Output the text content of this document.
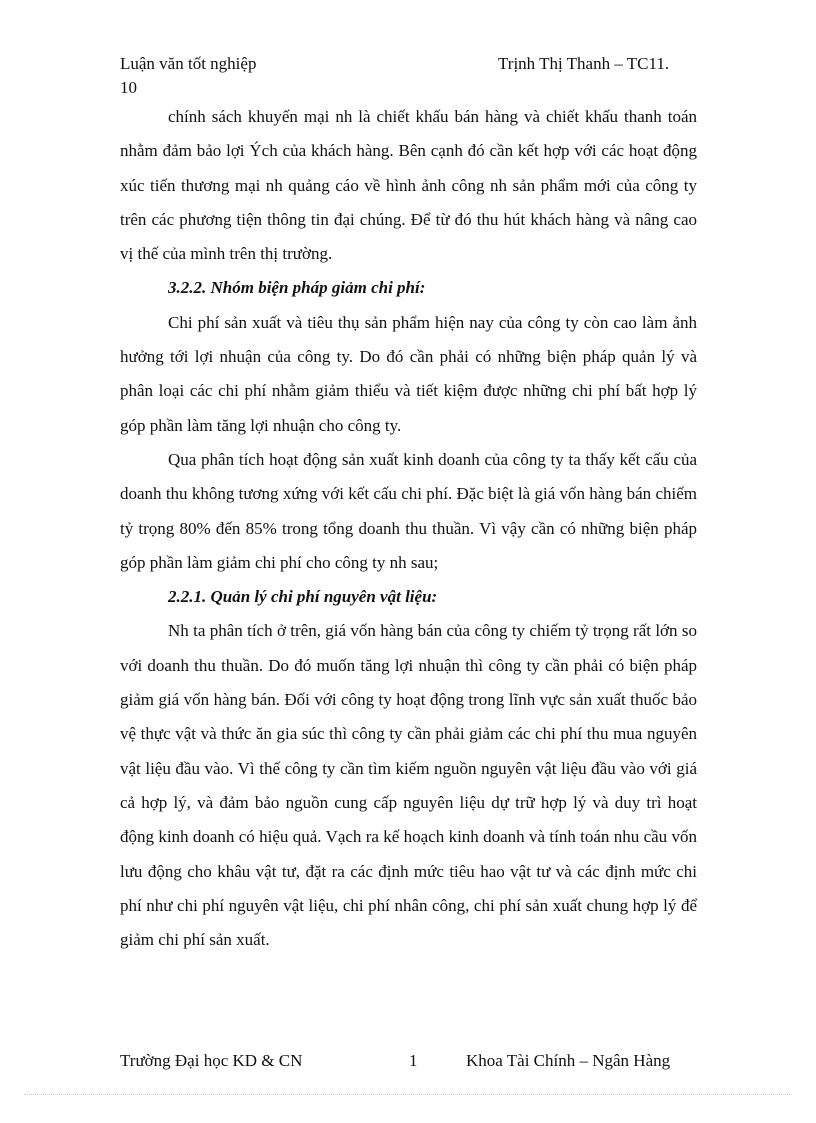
Luận văn tốt nghiệp	Trịnh Thị Thanh – TC11.
10

chính sách khuyến mại nh là chiết khấu bán hàng và chiết khấu thanh toán nhằm đảm bảo lợi Ých của khách hàng. Bên cạnh đó cần kết hợp với các hoạt động xúc tiến thương mại nh quảng cáo về hình ảnh công nh sản phẩm mới của công ty trên các phương tiện thông tin đại chúng. Để từ đó thu hút khách hàng và nâng cao vị thế của mình trên thị trường.

3.2.2. Nhóm biện pháp giảm chi phí:

Chi phí sản xuất và tiêu thụ sản phẩm hiện nay của công ty còn cao làm ảnh hưởng tới lợi nhuận của công ty. Do đó cần phải có những biện pháp quản lý và phân loại các chi phí nhằm giảm thiểu và tiết kiệm được những chi phí bất hợp lý góp phần làm tăng lợi nhuận cho công ty.

Qua phân tích hoạt động sản xuất kinh doanh của công ty ta thấy kết cấu của doanh thu không tương xứng với kết cấu chi phí. Đặc biệt là giá vốn hàng bán chiếm tỷ trọng 80% đến 85% trong tổng doanh thu thuần. Vì vậy cần có những biện pháp góp phần làm giảm chi phí cho công ty nh sau;

2.2.1. Quản lý chi phí nguyên vật liệu:

Nh ta phân tích ở trên, giá vốn hàng bán của công ty chiếm tỷ trọng rất lớn so với doanh thu thuần. Do đó muốn tăng lợi nhuận thì công ty cần phải có biện pháp giảm giá vốn hàng bán. Đối với công ty hoạt động trong lĩnh vực sản xuất thuốc bảo vệ thực vật và thức ăn gia súc thì công ty cần phải giảm các chi phí thu mua nguyên vật liệu đầu vào. Vì thế công ty cần tìm kiếm nguồn nguyên vật liệu đầu vào với giá cả hợp lý, và đảm bảo nguồn cung cấp nguyên liệu dự trữ hợp lý và duy trì hoạt động kinh doanh có hiệu quả. Vạch ra kế hoạch kinh doanh và tính toán nhu cầu vốn lưu động cho khâu vật tư, đặt ra các định mức tiêu hao vật tư và các định mức chi phí như chi phí nguyên vật liệu, chi phí nhân công, chi phí sản xuất chung hợp lý để giảm chi phí sản xuất.

Trường Đại học KD & CN	1	Khoa Tài Chính – Ngân Hàng
